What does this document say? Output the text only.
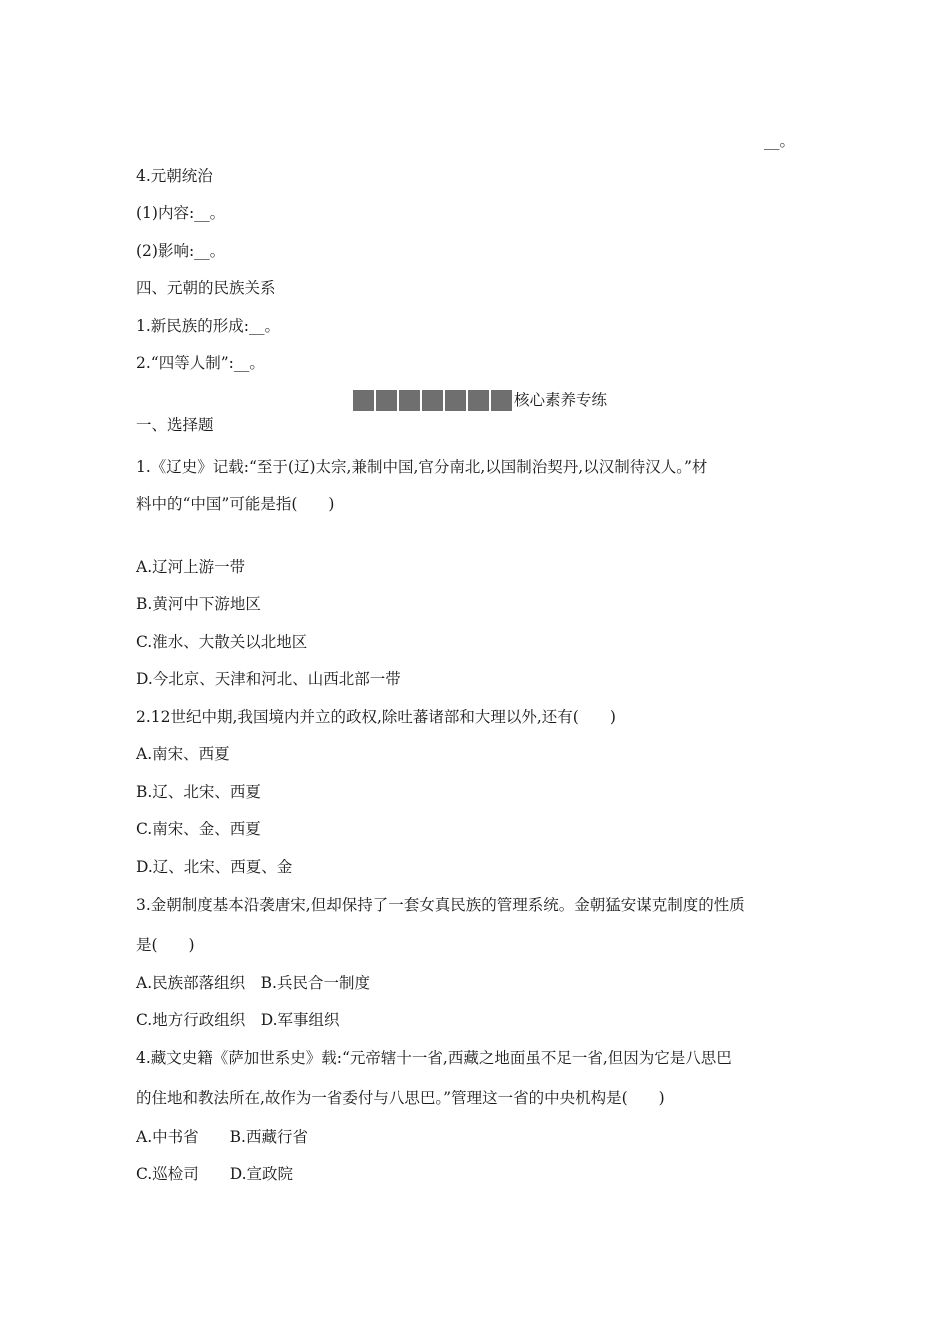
__。
4.元朝统治
(1)内容:__。
(2)影响:__。
四、元朝的民族关系
1.新民族的形成:__。
2.“四等人制”:__。
核心素养专练
一、选择题
1.《辽史》记载:“至于(辽)太宗,兼制中国,官分南北,以国制治契丹,以汉制待汉人。”材
料中的“中国”可能是指(　　)
A.辽河上游一带
B.黄河中下游地区
C.淮水、大散关以北地区
D.今北京、天津和河北、山西北部一带
2.12世纪中期,我国境内并立的政权,除吐蕃诸部和大理以外,还有(　　)
A.南宋、西夏
B.辽、北宋、西夏
C.南宋、金、西夏
D.辽、北宋、西夏、金
3.金朝制度基本沿袭唐宋,但却保持了一套女真民族的管理系统。金朝猛安谋克制度的性质
是(　　)
A.民族部落组织　B.兵民合一制度
C.地方行政组织　D.军事组织
4.藏文史籍《萨加世系史》载:“元帝辖十一省,西藏之地面虽不足一省,但因为它是八思巴
的住地和教法所在,故作为一省委付与八思巴。”管理这一省的中央机构是(　　)
A.中书省　　B.西藏行省
C.巡检司　　D.宣政院
